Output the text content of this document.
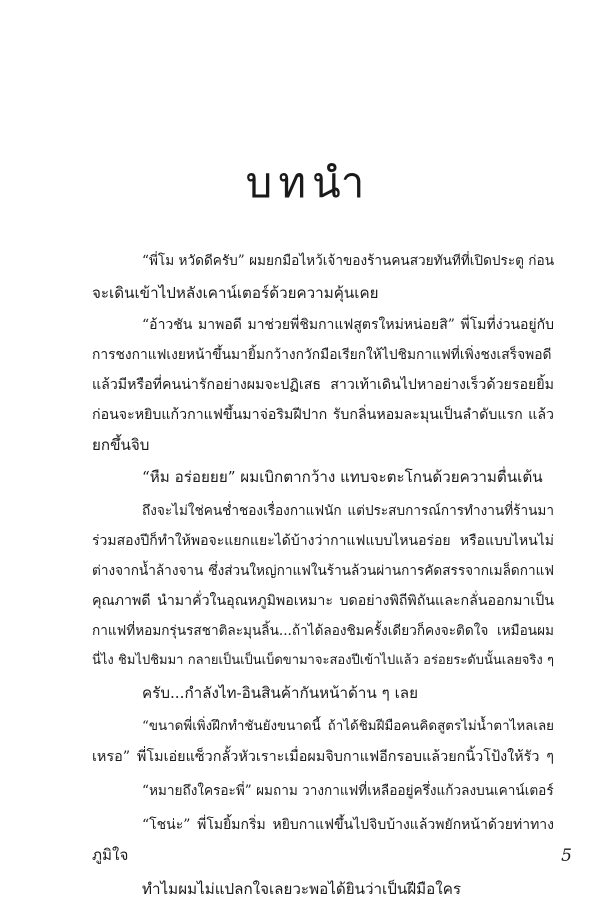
บทนำ
“พี่โม หวัดดีครับ” ผมยกมือไหว้เจ้าของร้านคนสวยทันทีที่เปิดประตู ก่อน
จะเดินเข้าไปหลังเคาน์เตอร์ด้วยความคุ้นเคย
“อ้าวชัน มาพอดี มาช่วยพี่ชิมกาแฟสูตรใหม่หน่อยสิ” พี่โมที่ง่วนอยู่กับ
การชงกาแฟเงยหน้าขึ้นมายิ้มกว้างกวักมือเรียกให้ไปชิมกาแฟที่เพิ่งชงเสร็จพอดี
แล้วมีหรือที่คนน่ารักอย่างผมจะปฏิเสธ สาวเท้าเดินไปหาอย่างเร็วด้วยรอยยิ้ม
ก่อนจะหยิบแก้วกาแฟขึ้นมาจ่อริมฝีปาก รับกลิ่นหอมละมุนเป็นลำดับแรก แล้ว
ยกขึ้นจิบ
“หืม อร่อยยย” ผมเบิกตากว้าง แทบจะตะโกนด้วยความตื่นเต้น
ถึงจะไม่ใช่คนช่ำชองเรื่องกาแฟนัก แต่ประสบการณ์การทำงานที่ร้านมา
ร่วมสองปีก็ทำให้พอจะแยกแยะได้บ้างว่ากาแฟแบบไหนอร่อย หรือแบบไหนไม่
ต่างจากน้ำล้างจาน ซึ่งส่วนใหญ่กาแฟในร้านล้วนผ่านการคัดสรรจากเมล็ดกาแฟ
คุณภาพดี นำมาคั่วในอุณหภูมิพอเหมาะ บดอย่างพิถีพิถันและกลั่นออกมาเป็น
กาแฟที่หอมกรุ่นรสชาติละมุนลิ้น...ถ้าได้ลองชิมครั้งเดียวก็คงจะติดใจ เหมือนผม
นี่ไง ชิมไปชิมมา กลายเป็นเป็นเบ็ดขามาจะสองปีเข้าไปแล้ว อร่อยระดับนั้นเลยจริง ๆ
ครับ...กำลังไท-อินสินค้ากันหน้าด้าน ๆ เลย
“ขนาดพี่เพิ่งฝึกทำชันยังขนาดนี้ ถ้าได้ชิมฝีมือคนคิดสูตรไม่น้ำตาไหลเลย
เหรอ” พี่โมเอ่ยแซ็วกลั้วหัวเราะเมื่อผมจิบกาแฟอีกรอบแล้วยกนิ้วโป้งให้รัว ๆ
“หมายถึงใครอะพี่” ผมถาม วางกาแฟที่เหลืออยู่ครึ่งแก้วลงบนเคาน์เตอร์
“โชน่ะ” พี่โมยิ้มกริ่ม หยิบกาแฟขึ้นไปจิบบ้างแล้วพยักหน้าด้วยท่าทาง
ภูมิใจ
ทำไมผมไม่แปลกใจเลยวะพอได้ยินว่าเป็นฝีมือใคร
5
